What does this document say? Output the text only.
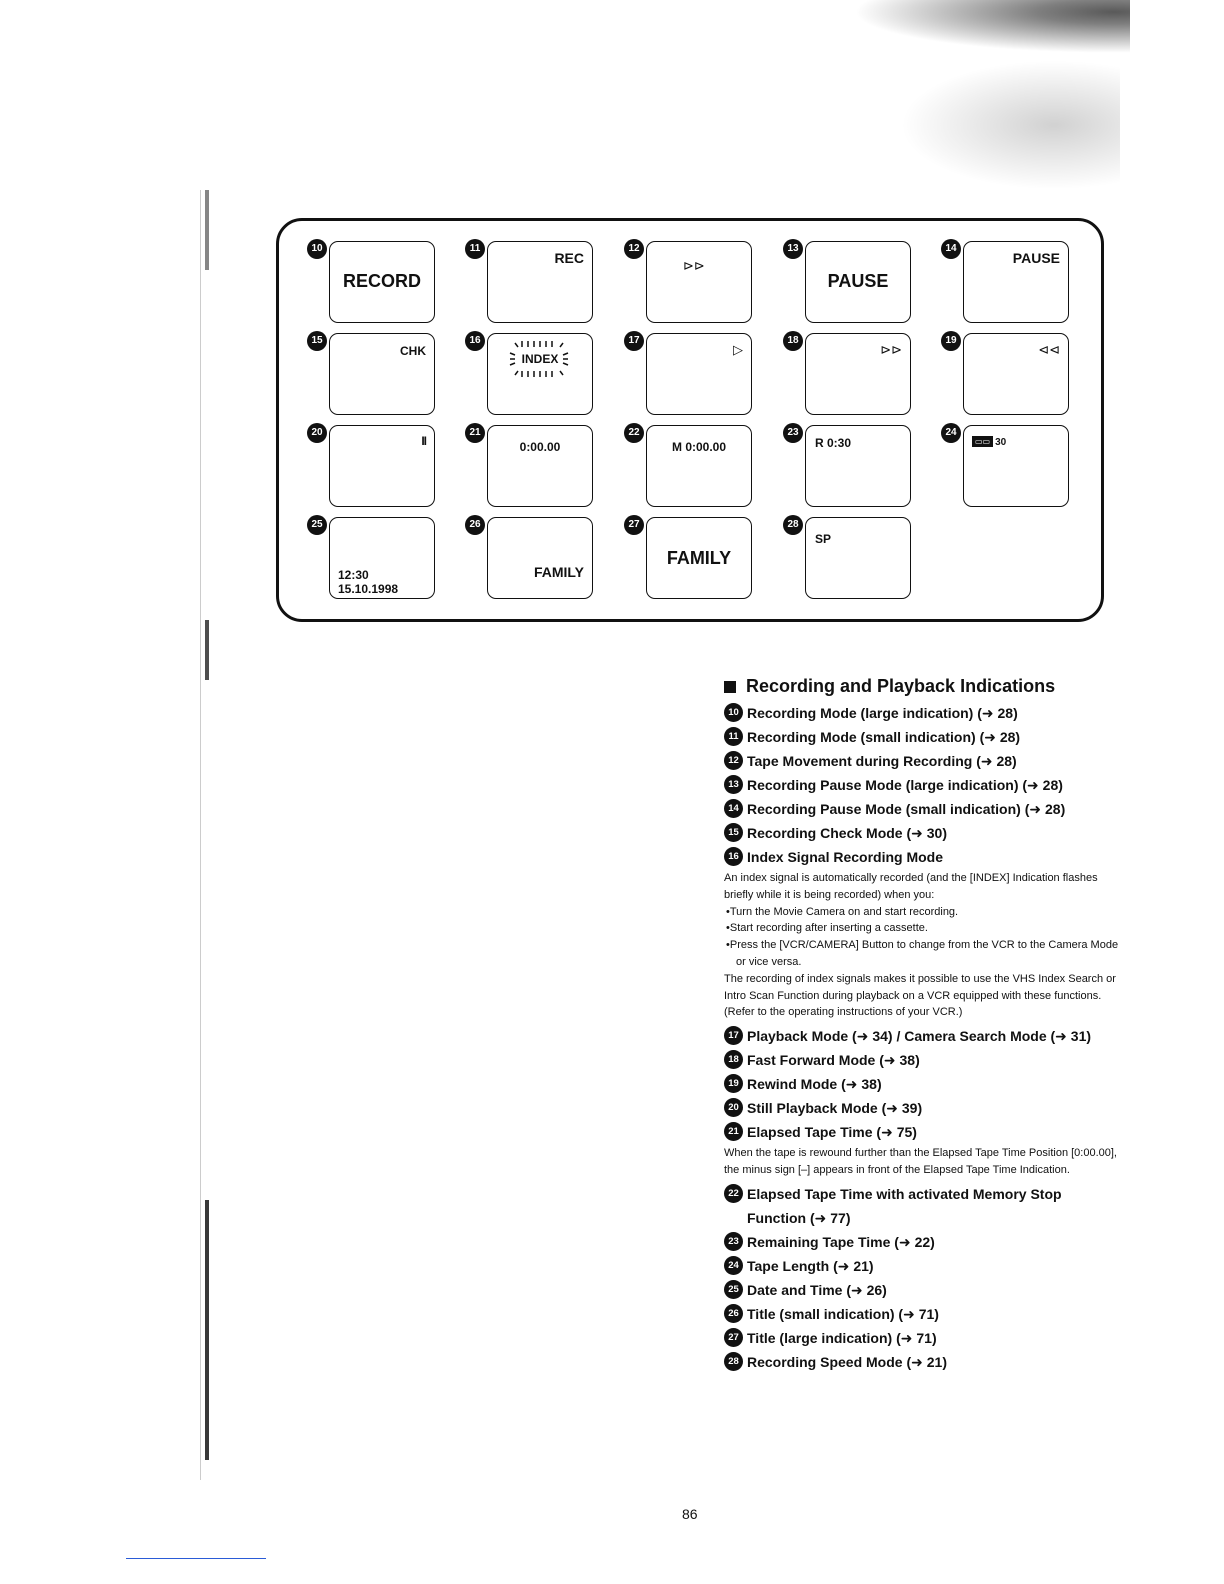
10
RECORD
11
REC
12
⊳⊳
13
PAUSE
14
PAUSE
15
CHK
16
INDEX
17
▷
18
⊳⊳
19
⊲⊲
20
II
21
0:00.00
22
M 0:00.00
23
R 0:30
24
▭▭ 30
25
12:30
15.10.1998
26
FAMILY
27
FAMILY
28
SP
Recording and Playback Indications
10 Recording Mode (large indication) (➜ 28)
11 Recording Mode (small indication) (➜ 28)
12 Tape Movement during Recording (➜ 28)
13 Recording Pause Mode (large indication) (➜ 28)
14 Recording Pause Mode (small indication) (➜ 28)
15 Recording Check Mode (➜ 30)
16 Index Signal Recording Mode

An index signal is automatically recorded (and the [INDEX] Indication flashes briefly while it is being recorded) when you:

•Turn the Movie Camera on and start recording.

•Start recording after inserting a cassette.

•Press the [VCR/CAMERA] Button to change from the VCR to the Camera Mode or vice versa.

The recording of index signals makes it possible to use the VHS Index Search or Intro Scan Function during playback on a VCR equipped with these functions.

(Refer to the operating instructions of your VCR.)

17 Playback Mode (➜ 34) / Camera Search Mode (➜ 31)
18 Fast Forward Mode (➜ 38)
19 Rewind Mode (➜ 38)
20 Still Playback Mode (➜ 39)
21 Elapsed Tape Time (➜ 75)

When the tape is rewound further than the Elapsed Tape Time Position [0:00.00], the minus sign [–] appears in front of the Elapsed Tape Time Indication.

22 Elapsed Tape Time with activated Memory Stop Function (➜ 77)
23 Remaining Tape Time (➜ 22)
24 Tape Length (➜ 21)
25 Date and Time (➜ 26)
26 Title (small indication) (➜ 71)
27 Title (large indication) (➜ 71)
28 Recording Speed Mode (➜ 21)
86
